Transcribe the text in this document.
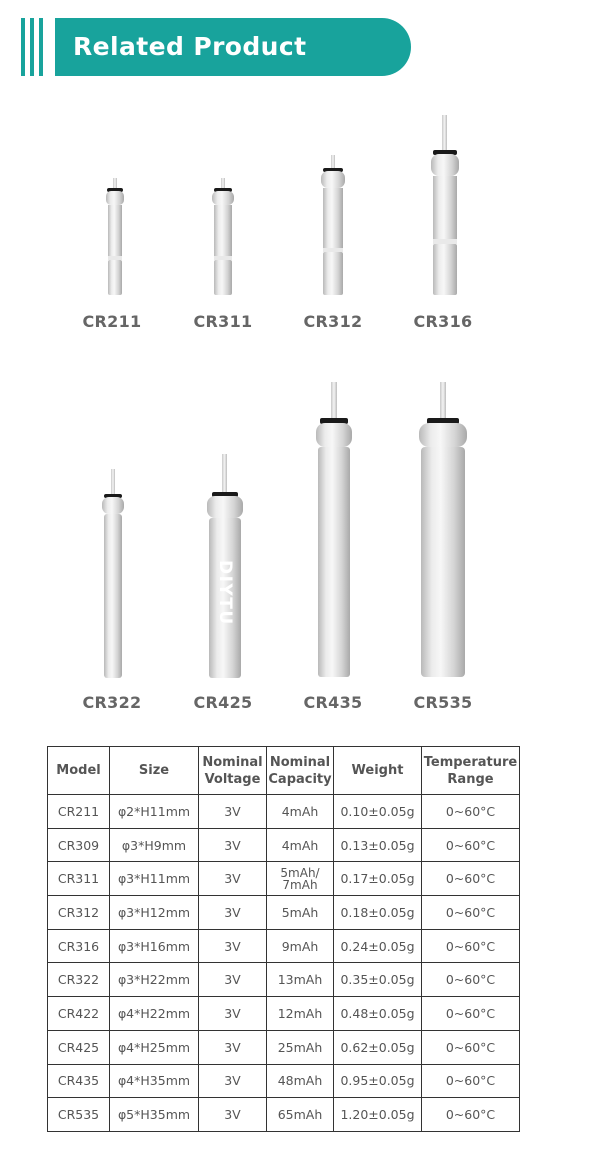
Related Product
CR211	CR311	CR312	CR316
DIYTU
CR322	CR425	CR435	CR535
Model	Size	Nominal Voltage	Nominal Capacity	Weight	Temperature Range
CR211	φ2*H11mm	3V	4mAh	0.10±0.05g	0~60°C
CR309	φ3*H9mm	3V	4mAh	0.13±0.05g	0~60°C
CR311	φ3*H11mm	3V	5mAh/ 7mAh	0.17±0.05g	0~60°C
CR312	φ3*H12mm	3V	5mAh	0.18±0.05g	0~60°C
CR316	φ3*H16mm	3V	9mAh	0.24±0.05g	0~60°C
CR322	φ3*H22mm	3V	13mAh	0.35±0.05g	0~60°C
CR422	φ4*H22mm	3V	12mAh	0.48±0.05g	0~60°C
CR425	φ4*H25mm	3V	25mAh	0.62±0.05g	0~60°C
CR435	φ4*H35mm	3V	48mAh	0.95±0.05g	0~60°C
CR535	φ5*H35mm	3V	65mAh	1.20±0.05g	0~60°C
